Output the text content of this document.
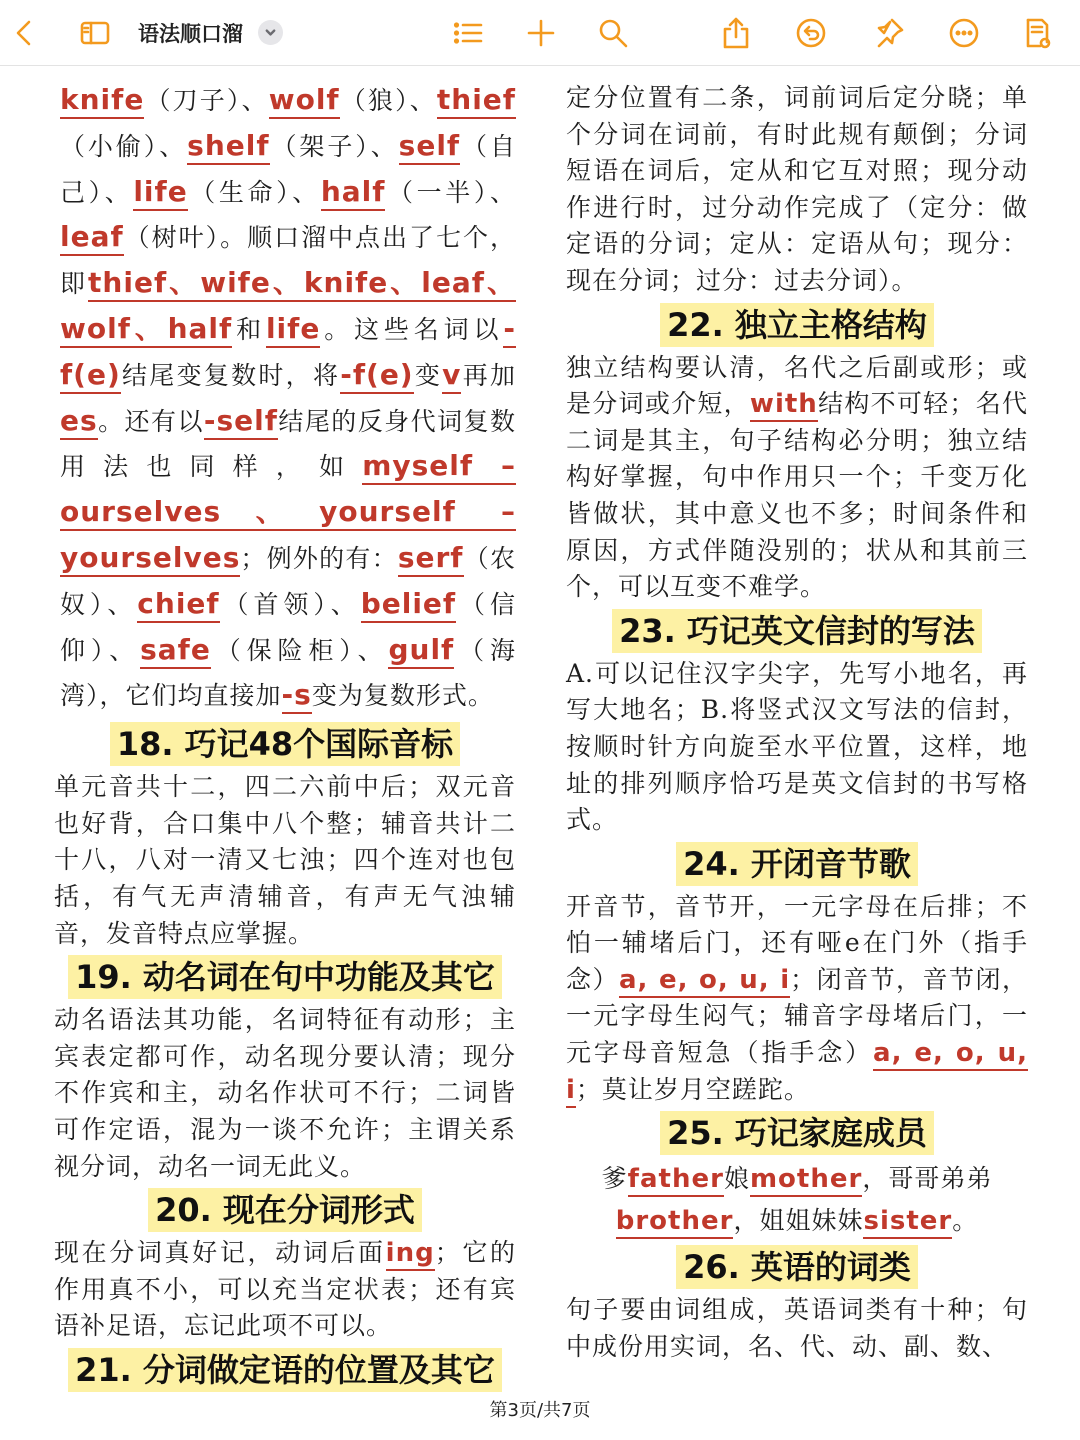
语法顺口溜

knife（刀子）、wolf（狼）、thief（小偷）、shelf（架子）、self（自己）、life（生命）、half（一半）、leaf（树叶）。顺口溜中点出了七个，即thief、wife、knife、leaf、wolf、half和life。这些名词以-f(e)结尾变复数时，将-f(e)变v再加es。还有以-self结尾的反身代词复数用法也同样，如myself – ourselves、yourself – yourselves；例外的有：serf（农奴）、chief（首领）、belief（信仰）、safe（保险柜）、gulf（海湾），它们均直接加-s变为复数形式。

18. 巧记48个国际音标

单元音共十二，四二六前中后；双元音也好背，合口集中八个整；辅音共计二十八，八对一清又七浊；四个连对也包括，有气无声清辅音，有声无气浊辅音，发音特点应掌握。

19. 动名词在句中功能及其它

动名语法其功能，名词特征有动形；主宾表定都可作，动名现分要认清；现分不作宾和主，动名作状可不行；二词皆可作定语，混为一谈不允许；主谓关系视分词，动名一词无此义。

20. 现在分词形式

现在分词真好记，动词后面ing；它的作用真不小，可以充当定状表；还有宾语补足语，忘记此项不可以。

21. 分词做定语的位置及其它

定分位置有二条，词前词后定分晓；单个分词在词前，有时此规有颠倒；分词短语在词后，定从和它互对照；现分动作进行时，过分动作完成了（定分：做定语的分词；定从：定语从句；现分：现在分词；过分：过去分词）。

22. 独立主格结构

独立结构要认清，名代之后副或形；或是分词或介短，with结构不可轻；名代二词是其主，句子结构必分明；独立结构好掌握，句中作用只一个；千变万化皆做状，其中意义也不多；时间条件和原因，方式伴随没别的；状从和其前三个，可以互变不难学。

23. 巧记英文信封的写法

A.可以记住汉字尖字，先写小地名，再写大地名；B.将竖式汉文写法的信封，按顺时针方向旋至水平位置，这样，地址的排列顺序恰巧是英文信封的书写格式。

24. 开闭音节歌

开音节，音节开，一元字母在后排；不怕一辅堵后门，还有哑e在门外（指手念）a, e, o, u, i；闭音节，音节闭，一元字母生闷气；辅音字母堵后门，一元字母音短急（指手念）a, e, o, u, i；莫让岁月空蹉跎。

25. 巧记家庭成员

爹father娘mother，哥哥弟弟brother，姐姐妹妹sister。

26. 英语的词类

句子要由词组成，英语词类有十种；句中成份用实词，名、代、动、副、数、

第3页/共7页
